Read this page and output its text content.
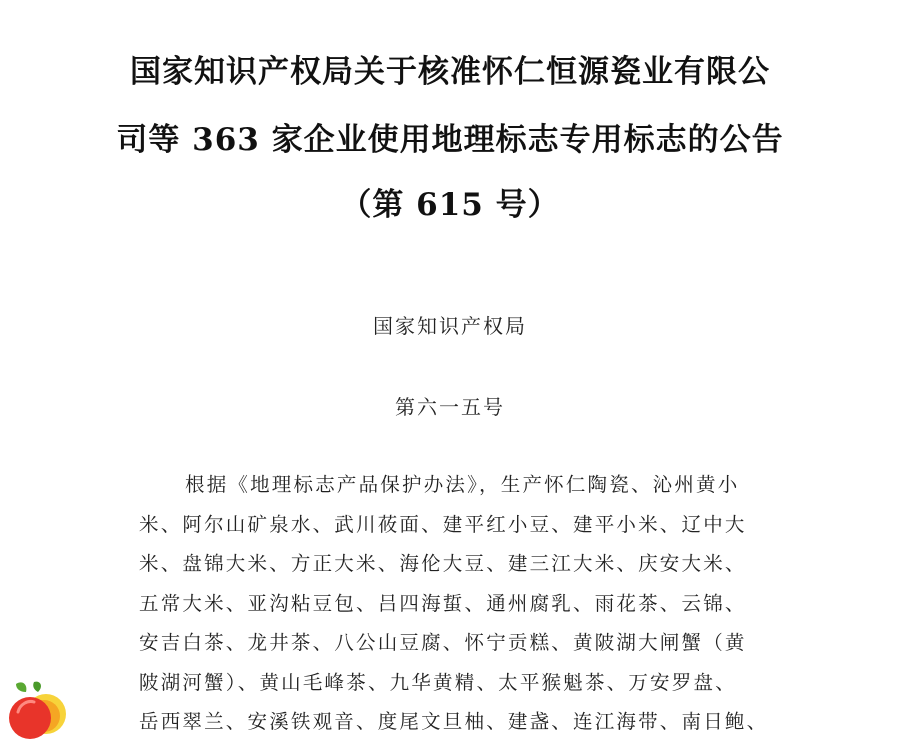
国家知识产权局关于核准怀仁恒源瓷业有限公
司等 363 家企业使用地理标志专用标志的公告
（第 615 号）
国家知识产权局
第六一五号

根据《地理标志产品保护办法》，生产怀仁陶瓷、沁州黄小

米、阿尔山矿泉水、武川莜面、建平红小豆、建平小米、辽中大

米、盘锦大米、方正大米、海伦大豆、建三江大米、庆安大米、

五常大米、亚沟粘豆包、吕四海蜇、通州腐乳、雨花茶、云锦、

安吉白茶、龙井茶、八公山豆腐、怀宁贡糕、黄陂湖大闸蟹（黄

陂湖河蟹）、黄山毛峰茶、九华黄精、太平猴魁茶、万安罗盘、

岳西翠兰、安溪铁观音、度尾文旦柚、建盏、连江海带、南日鲍、
